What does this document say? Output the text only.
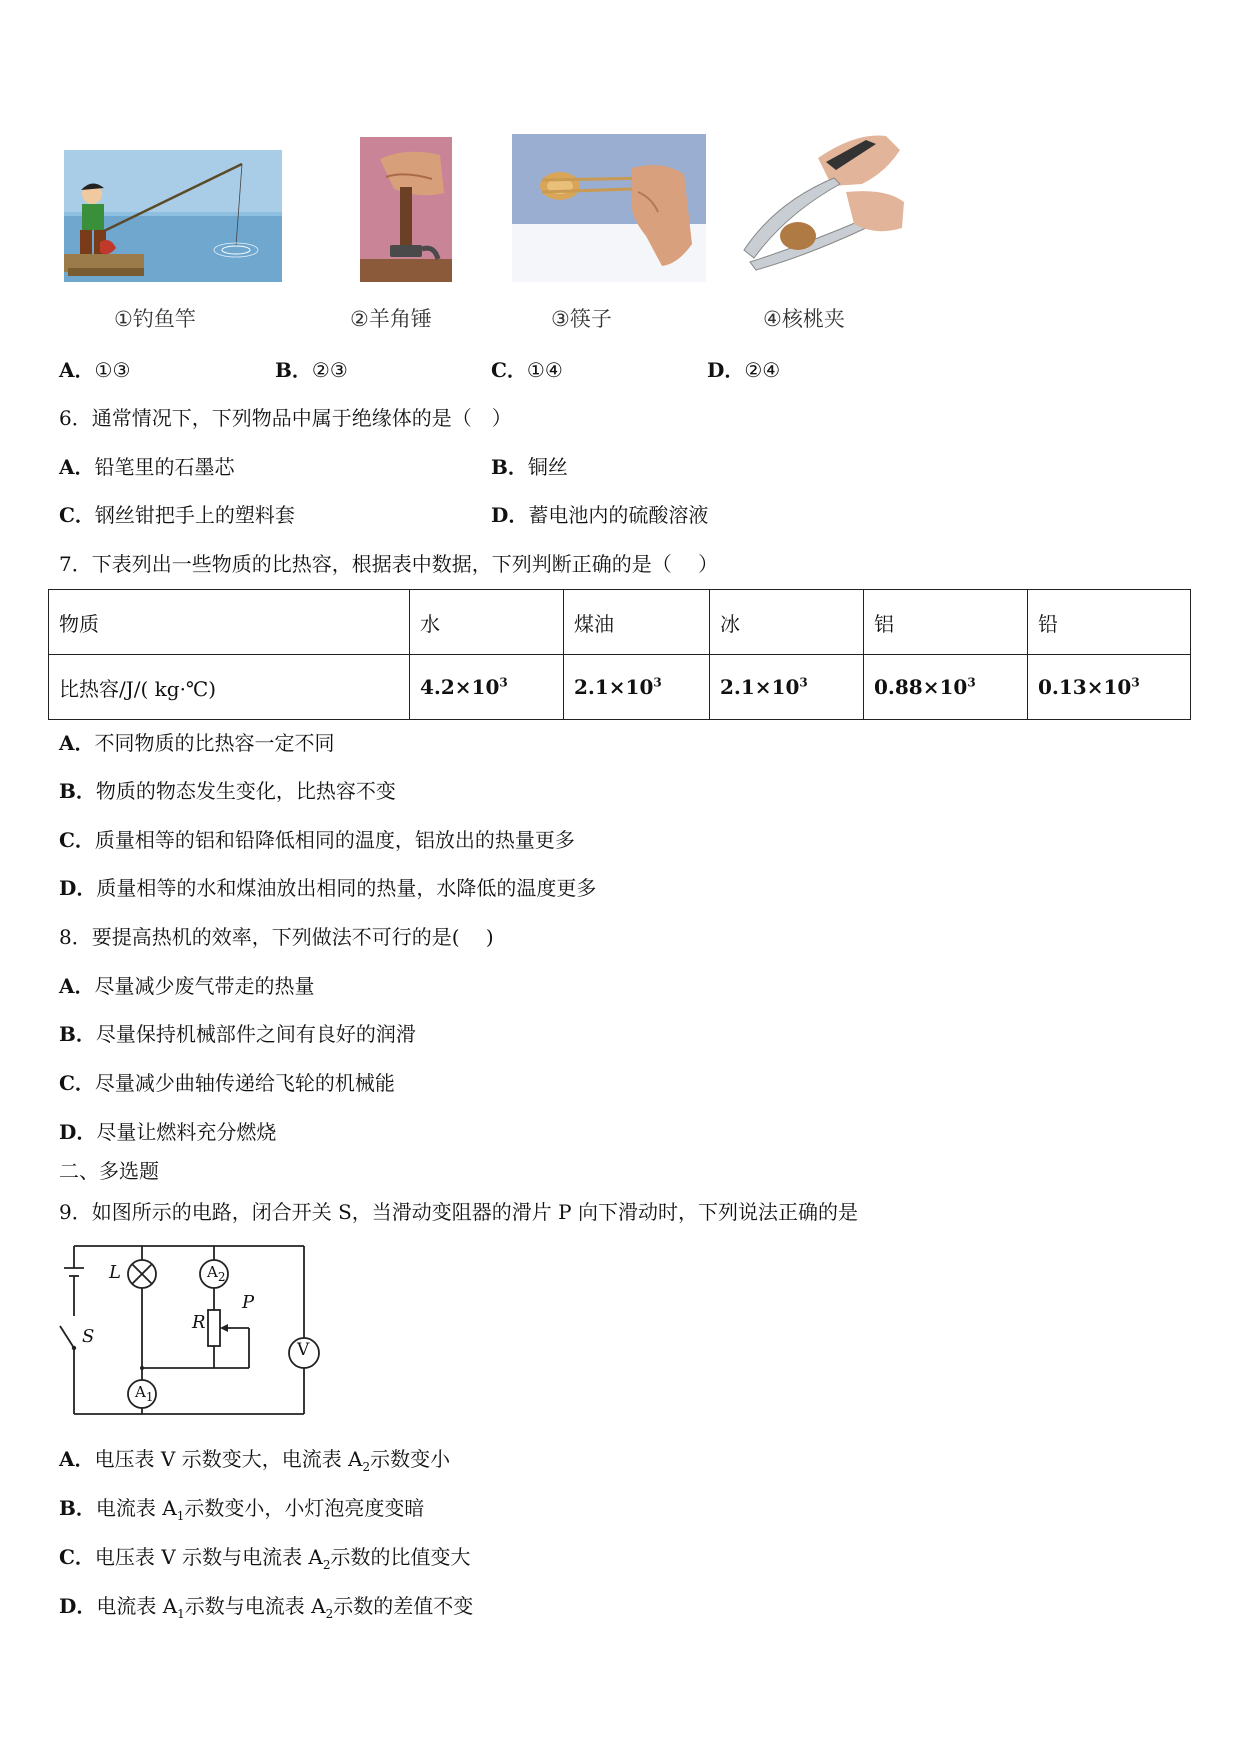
①钓鱼竿	②羊角锤	③筷子	④核桃夹
A．①③	B．②③	C．①④	D．②④
6．通常情况下，下列物品中属于绝缘体的是（　）
A．铅笔里的石墨芯	B．铜丝
C．钢丝钳把手上的塑料套	D．蓄电池内的硫酸溶液
7．下表列出一些物质的比热容，根据表中数据，下列判断正确的是（　 ）
物质	水	煤油	冰	铝	铅
比热容/J/( kg·℃)	$4.2\times 10^3$	$2.1\times 10^3$	$2.1\times 10^3$	$0.88\times 10^3$	$0.13\times 10^3$
A．不同物质的比热容一定不同
B．物质的物态发生变化，比热容不变
C．质量相等的铝和铅降低相同的温度，铝放出的热量更多
D．质量相等的水和煤油放出相同的热量，水降低的温度更多
8．要提高热机的效率，下列做法不可行的是(　 )
A．尽量减少废气带走的热量
B．尽量保持机械部件之间有良好的润滑
C．尽量减少曲轴传递给飞轮的机械能
D．尽量让燃料充分燃烧
二、多选题
9．如图所示的电路，闭合开关 S，当滑动变阻器的滑片 P 向下滑动时，下列说法正确的是
L
S
R
P
V
$A_2$
$A_1$
A．电压表 V 示数变大，电流表 $A_2$示数变小
B．电流表 $A_1$示数变小，小灯泡亮度变暗
C．电压表 V 示数与电流表 $A_2$示数的比值变大
D．电流表 $A_1$示数与电流表 $A_2$示数的差值不变
